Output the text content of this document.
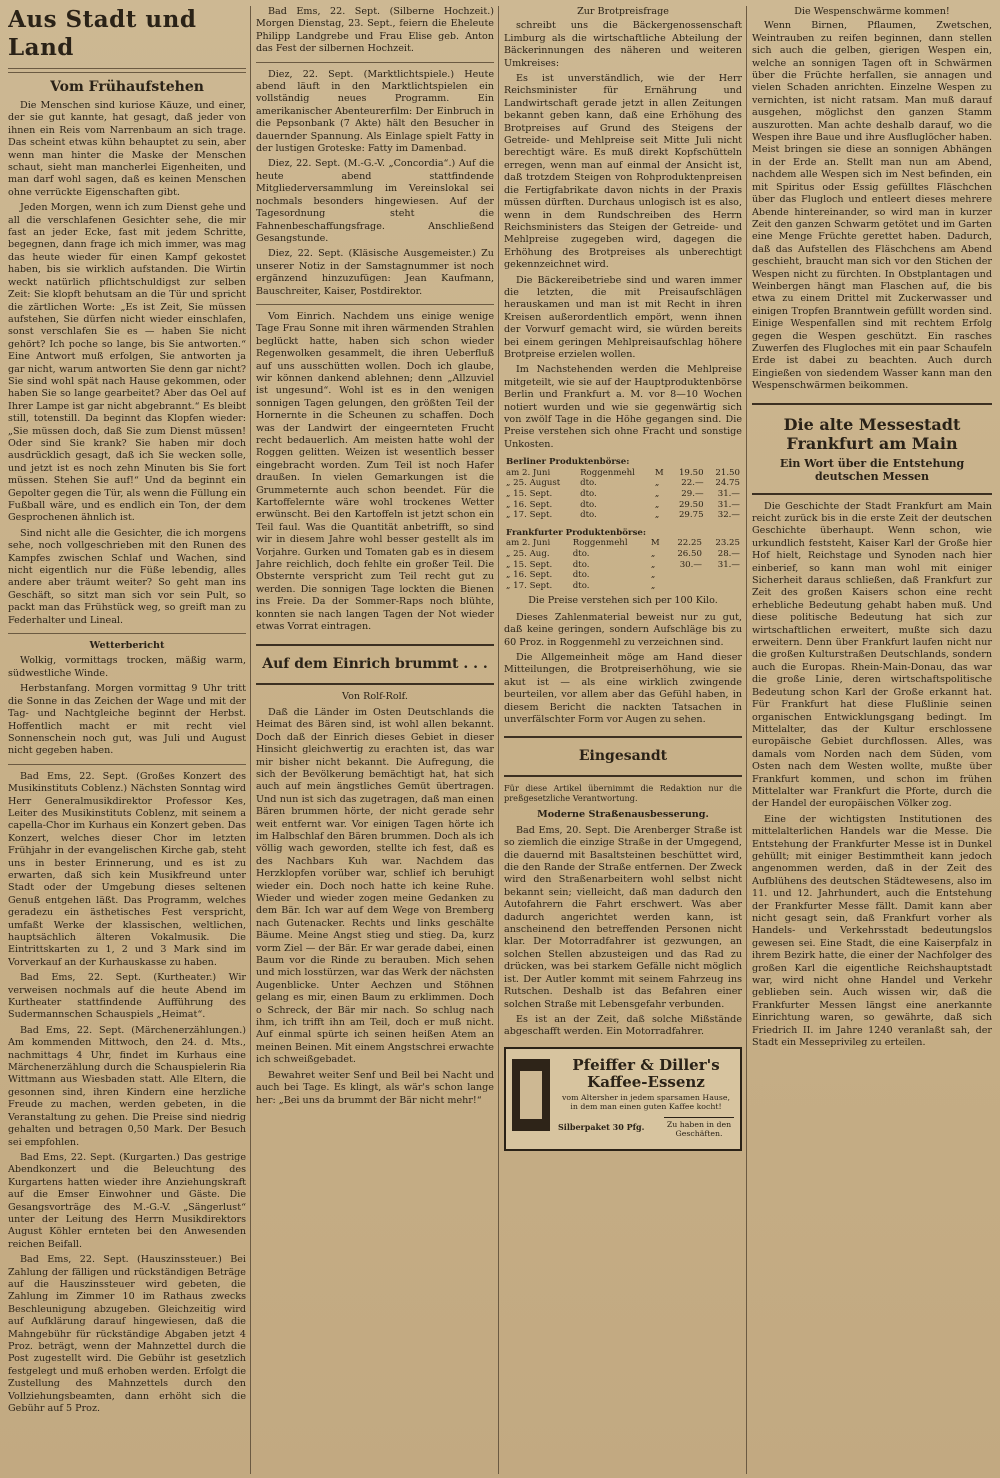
Aus Stadt und Land
Vom Frühaufstehen

Die Menschen sind kuriose Käuze, und einer, der sie gut kannte, hat gesagt, daß jeder von ihnen ein Reis vom Narrenbaum an sich trage. Das scheint etwas kühn behauptet zu sein, aber wenn man hinter die Maske der Menschen schaut, sieht man mancherlei Eigenheiten, und man darf wohl sagen, daß es keinen Menschen ohne verrückte Eigenschaften gibt.

Jeden Morgen, wenn ich zum Dienst gehe und all die verschlafenen Gesichter sehe, die mir fast an jeder Ecke, fast mit jedem Schritte, begegnen, dann frage ich mich immer, was mag das heute wieder für einen Kampf gekostet haben, bis sie wirklich aufstanden. Die Wirtin weckt natürlich pflichtschuldigst zur selben Zeit: Sie klopft behutsam an die Tür und spricht die zärtlichen Worte: „Es ist Zeit, Sie müssen aufstehen, Sie dürfen nicht wieder einschlafen, sonst verschlafen Sie es — haben Sie nicht gehört? Ich poche so lange, bis Sie antworten.“ Eine Antwort muß erfolgen, Sie antworten ja gar nicht, warum antworten Sie denn gar nicht? Sie sind wohl spät nach Hause gekommen, oder haben Sie so lange gearbeitet? Aber das Oel auf Ihrer Lampe ist gar nicht abgebrannt.“ Es bleibt still, totenstill. Da beginnt das Klopfen wieder: „Sie müssen doch, daß Sie zum Dienst müssen! Oder sind Sie krank? Sie haben mir doch ausdrücklich gesagt, daß ich Sie wecken solle, und jetzt ist es noch zehn Minuten bis Sie fort müssen. Stehen Sie auf!“ Und da beginnt ein Gepolter gegen die Tür, als wenn die Füllung ein Fußball wäre, und es endlich ein Ton, der dem Gesprochenen ähnlich ist.

Sind nicht alle die Gesichter, die ich morgens sehe, noch vollgeschrieben mit den Runen des Kampfes zwischen Schlaf und Wachen, sind nicht eigentlich nur die Füße lebendig, alles andere aber träumt weiter? So geht man ins Geschäft, so sitzt man sich vor sein Pult, so packt man das Frühstück weg, so greift man zu Federhalter und Lineal.

Wetterbericht

Wolkig, vormittags trocken, mäßig warm, südwestliche Winde.

Herbstanfang. Morgen vormittag 9 Uhr tritt die Sonne in das Zeichen der Wage und mit der Tag- und Nachtgleiche beginnt der Herbst. Hoffentlich macht er mit recht viel Sonnenschein noch gut, was Juli und August nicht gegeben haben.

Bad Ems, 22. Sept. (Großes Konzert des Musikinstituts Coblenz.) Nächsten Sonntag wird Herr Generalmusikdirektor Professor Kes, Leiter des Musikinstituts Coblenz, mit seinem a capella-Chor im Kurhaus ein Konzert geben. Das Konzert, welches dieser Chor im letzten Frühjahr in der evangelischen Kirche gab, steht uns in bester Erinnerung, und es ist zu erwarten, daß sich kein Musikfreund unter Stadt oder der Umgebung dieses seltenen Genuß entgehen läßt. Das Programm, welches geradezu ein ästhetisches Fest verspricht, umfaßt Werke der klassischen, weltlichen, hauptsächlich älteren Vokalmusik. Die Eintrittskarten zu 1, 2 und 3 Mark sind im Vorverkauf an der Kurhauskasse zu haben.

Bad Ems, 22. Sept. (Kurtheater.) Wir verweisen nochmals auf die heute Abend im Kurtheater stattfindende Aufführung des Sudermannschen Schauspiels „Heimat“.

Bad Ems, 22. Sept. (Märchenerzählungen.) Am kommenden Mittwoch, den 24. d. Mts., nachmittags 4 Uhr, findet im Kurhaus eine Märchenerzählung durch die Schauspielerin Ria Wittmann aus Wiesbaden statt. Alle Eltern, die gesonnen sind, ihren Kindern eine herzliche Freude zu machen, werden gebeten, in die Veranstaltung zu gehen. Die Preise sind niedrig gehalten und betragen 0,50 Mark. Der Besuch sei empfohlen.

Bad Ems, 22. Sept. (Kurgarten.) Das gestrige Abendkonzert und die Beleuchtung des Kurgartens hatten wieder ihre Anziehungskraft auf die Emser Einwohner und Gäste. Die Gesangsvorträge des M.-G.-V. „Sängerlust“ unter der Leitung des Herrn Musikdirektors August Köhler ernteten bei den Anwesenden reichen Beifall.

Bad Ems, 22. Sept. (Hauszinssteuer.) Bei Zahlung der fälligen und rückständigen Beträge auf die Hauszinssteuer wird gebeten, die Zahlung im Zimmer 10 im Rathaus zwecks Beschleunigung abzugeben. Gleichzeitig wird auf Aufklärung darauf hingewiesen, daß die Mahngebühr für rückständige Abgaben jetzt 4 Proz. beträgt, wenn der Mahnzettel durch die Post zugestellt wird. Die Gebühr ist gesetzlich festgelegt und muß erhoben werden. Erfolgt die Zustellung des Mahnzettels durch den Vollziehungsbeamten, dann erhöht sich die Gebühr auf 5 Proz.

Bad Ems, 22. Sept. (Silberne Hochzeit.) Morgen Dienstag, 23. Sept., feiern die Eheleute Philipp Landgrebe und Frau Elise geb. Anton das Fest der silbernen Hochzeit.

Diez, 22. Sept. (Marktlichtspiele.) Heute abend läuft in den Marktlichtspielen ein vollständig neues Programm. Ein amerikanischer Abenteurerfilm: Der Einbruch in die Pepsonbank (7 Akte) hält den Besucher in dauernder Spannung. Als Einlage spielt Fatty in der lustigen Groteske: Fatty im Damenbad.

Diez, 22. Sept. (M.-G.-V. „Concordia“.) Auf die heute abend stattfindende Mitgliederversammlung im Vereinslokal sei nochmals besonders hingewiesen. Auf der Tagesordnung steht die Fahnenbeschaffungsfrage. Anschließend Gesangstunde.

Diez, 22. Sept. (Kläsische Ausgemeister.) Zu unserer Notiz in der Samstagnummer ist noch ergänzend hinzuzufügen: Jean Kaufmann, Bauschreiter, Kaiser, Postdirektor.

Vom Einrich. Nachdem uns einige wenige Tage Frau Sonne mit ihren wärmenden Strahlen beglückt hatte, haben sich schon wieder Regenwolken gesammelt, die ihren Ueberfluß auf uns ausschütten wollen. Doch ich glaube, wir können dankend ablehnen; denn „Allzuviel ist ungesund“. Wohl ist es in den wenigen sonnigen Tagen gelungen, den größten Teil der Hornernte in die Scheunen zu schaffen. Doch was der Landwirt der eingeernteten Frucht recht bedauerlich. Am meisten hatte wohl der Roggen gelitten. Weizen ist wesentlich besser eingebracht worden. Zum Teil ist noch Hafer draußen. In vielen Gemarkungen ist die Grummeternte auch schon beendet. Für die Kartoffelernte wäre wohl trockenes Wetter erwünscht. Bei den Kartoffeln ist jetzt schon ein Teil faul. Was die Quantität anbetrifft, so sind wir in diesem Jahre wohl besser gestellt als im Vorjahre. Gurken und Tomaten gab es in diesem Jahre reichlich, doch fehlte ein großer Teil. Die Obsternte verspricht zum Teil recht gut zu werden. Die sonnigen Tage lockten die Bienen ins Freie. Da der Sommer-Raps noch blühte, konnten sie nach langen Tagen der Not wieder etwas Vorrat eintragen.

Auf dem Einrich brummt . . .
Von Rolf-Rolf.

Daß die Länder im Osten Deutschlands die Heimat des Bären sind, ist wohl allen bekannt. Doch daß der Einrich dieses Gebiet in dieser Hinsicht gleichwertig zu erachten ist, das war mir bisher nicht bekannt. Die Aufregung, die sich der Bevölkerung bemächtigt hat, hat sich auch auf mein ängstliches Gemüt übertragen. Und nun ist sich das zugetragen, daß man einen Bären brummen hörte, der nicht gerade sehr weit entfernt war. Vor einigen Tagen hörte ich im Halbschlaf den Bären brummen. Doch als ich völlig wach geworden, stellte ich fest, daß es des Nachbars Kuh war. Nachdem das Herzklopfen vorüber war, schlief ich beruhigt wieder ein. Doch noch hatte ich keine Ruhe. Wieder und wieder zogen meine Gedanken zu dem Bär. Ich war auf dem Wege von Bremberg nach Gutenacker. Rechts und links geschälte Bäume. Meine Angst stieg und stieg. Da, kurz vorm Ziel — der Bär. Er war gerade dabei, einen Baum vor die Rinde zu berauben. Mich sehen und mich losstürzen, war das Werk der nächsten Augenblicke. Unter Aechzen und Stöhnen gelang es mir, einen Baum zu erklimmen. Doch o Schreck, der Bär mir nach. So schlug nach ihm, ich trifft ihn am Teil, doch er muß nicht. Auf einmal spürte ich seinen heißen Atem an meinen Beinen. Mit einem Angstschrei erwachte ich schweißgebadet.

Bewahret weiter Senf und Beil bei Nacht und auch bei Tage. Es klingt, als wär's schon lange her: „Bei uns da brummt der Bär nicht mehr!“

Zur Brotpreisfrage

schreibt uns die Bäckergenossenschaft Limburg als die wirtschaftliche Abteilung der Bäckerinnungen des näheren und weiteren Umkreises:

Es ist unverständlich, wie der Herr Reichsminister für Ernährung und Landwirtschaft gerade jetzt in allen Zeitungen bekannt geben kann, daß eine Erhöhung des Brotpreises auf Grund des Steigens der Getreide- und Mehlpreise seit Mitte Juli nicht berechtigt wäre. Es muß direkt Kopfschütteln erregen, wenn man auf einmal der Ansicht ist, daß trotzdem Steigen von Rohproduktenpreisen die Fertigfabrikate davon nichts in der Praxis müssen dürften. Durchaus unlogisch ist es also, wenn in dem Rundschreiben des Herrn Reichsministers das Steigen der Getreide- und Mehlpreise zugegeben wird, dagegen die Erhöhung des Brotpreises als unberechtigt gekennzeichnet wird.

Die Bäckereibetriebe sind und waren immer die letzten, die mit Preisaufschlägen herauskamen und man ist mit Recht in ihren Kreisen außerordentlich empört, wenn ihnen der Vorwurf gemacht wird, sie würden bereits bei einem geringen Mehlpreisaufschlag höhere Brotpreise erzielen wollen.

Im Nachstehenden werden die Mehlpreise mitgeteilt, wie sie auf der Hauptproduktenbörse Berlin und Frankfurt a. M. vor 8—10 Wochen notiert wurden und wie sie gegenwärtig sich von zwölf Tage in die Höhe gegangen sind. Die Preise verstehen sich ohne Fracht und sonstige Unkosten.

Berliner Produktenbörse:				
am 2. Juni	Roggenmehl	M	19.50	21.50
„ 25. August	dto.	„	22.—	24.75
„ 15. Sept.	dto.	„	29.—	31.—
„ 16. Sept.	dto.	„	29.50	31.—
„ 17. Sept.	dto.	„	29.75	32.—
Frankfurter Produktenbörse:				
am 2. Juni	Roggenmehl	M	22.25	23.25
„ 25. Aug.	dto.	„	26.50	28.—
„ 15. Sept.	dto.	„	30.—	31.—
„ 16. Sept.	dto.	„		
„ 17. Sept.	dto.	„		
Die Preise verstehen sich per 100 Kilo.

Dieses Zahlenmaterial beweist nur zu gut, daß keine geringen, sondern Aufschläge bis zu 60 Proz. in Roggenmehl zu verzeichnen sind.

Die Allgemeinheit möge am Hand dieser Mitteilungen, die Brotpreiserhöhung, wie sie akut ist — als eine wirklich zwingende beurteilen, vor allem aber das Gefühl haben, in diesem Bericht die nackten Tatsachen in unverfälschter Form vor Augen zu sehen.

Eingesandt
Für diese Artikel übernimmt die Redaktion nur die preßgesetzliche Verantwortung.
Moderne Straßenausbesserung.

Bad Ems, 20. Sept. Die Arenberger Straße ist so ziemlich die einzige Straße in der Umgegend, die dauernd mit Basaltsteinen beschüttet wird, die den Rande der Straße entfernen. Der Zweck wird den Straßenarbeitern wohl selbst nicht bekannt sein; vielleicht, daß man dadurch den Autofahrern die Fahrt erschwert. Was aber dadurch angerichtet werden kann, ist anscheinend den betreffenden Personen nicht klar. Der Motorradfahrer ist gezwungen, an solchen Stellen abzusteigen und das Rad zu drücken, was bei starkem Gefälle nicht möglich ist. Der Autler kommt mit seinem Fahrzeug ins Rutschen. Deshalb ist das Befahren einer solchen Straße mit Lebensgefahr verbunden.

Es ist an der Zeit, daß solche Mißstände abgeschafft werden. Ein Motorradfahrer.

Pfeiffer & Diller's Kaffee-Essenz
vom Altersher in jedem sparsamen Hause, in dem man einen guten Kaffee kocht!
Silberpaket 30 Pfg.	Zu haben in den Geschäften.
Die Wespenschwärme kommen!

Wenn Birnen, Pflaumen, Zwetschen, Weintrauben zu reifen beginnen, dann stellen sich auch die gelben, gierigen Wespen ein, welche an sonnigen Tagen oft in Schwärmen über die Früchte herfallen, sie annagen und vielen Schaden anrichten. Einzelne Wespen zu vernichten, ist nicht ratsam. Man muß darauf ausgehen, möglichst den ganzen Stamm auszurotten. Man achte deshalb darauf, wo die Wespen ihre Baue und ihre Ausfluglöcher haben. Meist bringen sie diese an sonnigen Abhängen in der Erde an. Stellt man nun am Abend, nachdem alle Wespen sich im Nest befinden, ein mit Spiritus oder Essig gefülltes Fläschchen über das Flugloch und entleert dieses mehrere Abende hintereinander, so wird man in kurzer Zeit den ganzen Schwarm getötet und im Garten eine Menge Früchte gerettet haben. Dadurch, daß das Aufstellen des Fläschchens am Abend geschieht, braucht man sich vor den Stichen der Wespen nicht zu fürchten. In Obstplantagen und Weinbergen hängt man Flaschen auf, die bis etwa zu einem Drittel mit Zuckerwasser und einigen Tropfen Branntwein gefüllt worden sind. Einige Wespenfallen sind mit rechtem Erfolg gegen die Wespen geschützt. Ein rasches Zuwerfen des Flugloches mit ein paar Schaufeln Erde ist dabei zu beachten. Auch durch Eingießen von siedendem Wasser kann man den Wespenschwärmen beikommen.

Die alte Messestadt Frankfurt am Main
Ein Wort über die Entstehung deutschen Messen

Die Geschichte der Stadt Frankfurt am Main reicht zurück bis in die erste Zeit der deutschen Geschichte überhaupt. Wenn schon, wie urkundlich feststeht, Kaiser Karl der Große hier Hof hielt, Reichstage und Synoden nach hier einberief, so kann man wohl mit einiger Sicherheit daraus schließen, daß Frankfurt zur Zeit des großen Kaisers schon eine recht erhebliche Bedeutung gehabt haben muß. Und diese politische Bedeutung hat sich zur wirtschaftlichen erweitert, mußte sich dazu erweitern. Denn über Frankfurt laufen nicht nur die großen Kulturstraßen Deutschlands, sondern auch die Europas. Rhein-Main-Donau, das war die große Linie, deren wirtschaftspolitische Bedeutung schon Karl der Große erkannt hat. Für Frankfurt hat diese Flußlinie seinen organischen Entwicklungsgang bedingt. Im Mittelalter, das der Kultur erschlossene europäische Gebiet durchflossen. Alles, was damals vom Norden nach dem Süden, vom Osten nach dem Westen wollte, mußte über Frankfurt kommen, und schon im frühen Mittelalter war Frankfurt die Pforte, durch die der Handel der europäischen Völker zog.

Eine der wichtigsten Institutionen des mittelalterlichen Handels war die Messe. Die Entstehung der Frankfurter Messe ist in Dunkel gehüllt; mit einiger Bestimmtheit kann jedoch angenommen werden, daß in der Zeit des Aufblühens des deutschen Städtewesens, also im 11. und 12. Jahrhundert, auch die Entstehung der Frankfurter Messe fällt. Damit kann aber nicht gesagt sein, daß Frankfurt vorher als Handels- und Verkehrsstadt bedeutungslos gewesen sei. Eine Stadt, die eine Kaiserpfalz in ihrem Bezirk hatte, die einer der Nachfolger des großen Karl die eigentliche Reichshauptstadt war, wird nicht ohne Handel und Verkehr geblieben sein. Auch wissen wir, daß die Frankfurter Messen längst eine anerkannte Einrichtung waren, so gewährte, daß sich Friedrich II. im Jahre 1240 veranlaßt sah, der Stadt ein Messeprivileg zu erteilen.
